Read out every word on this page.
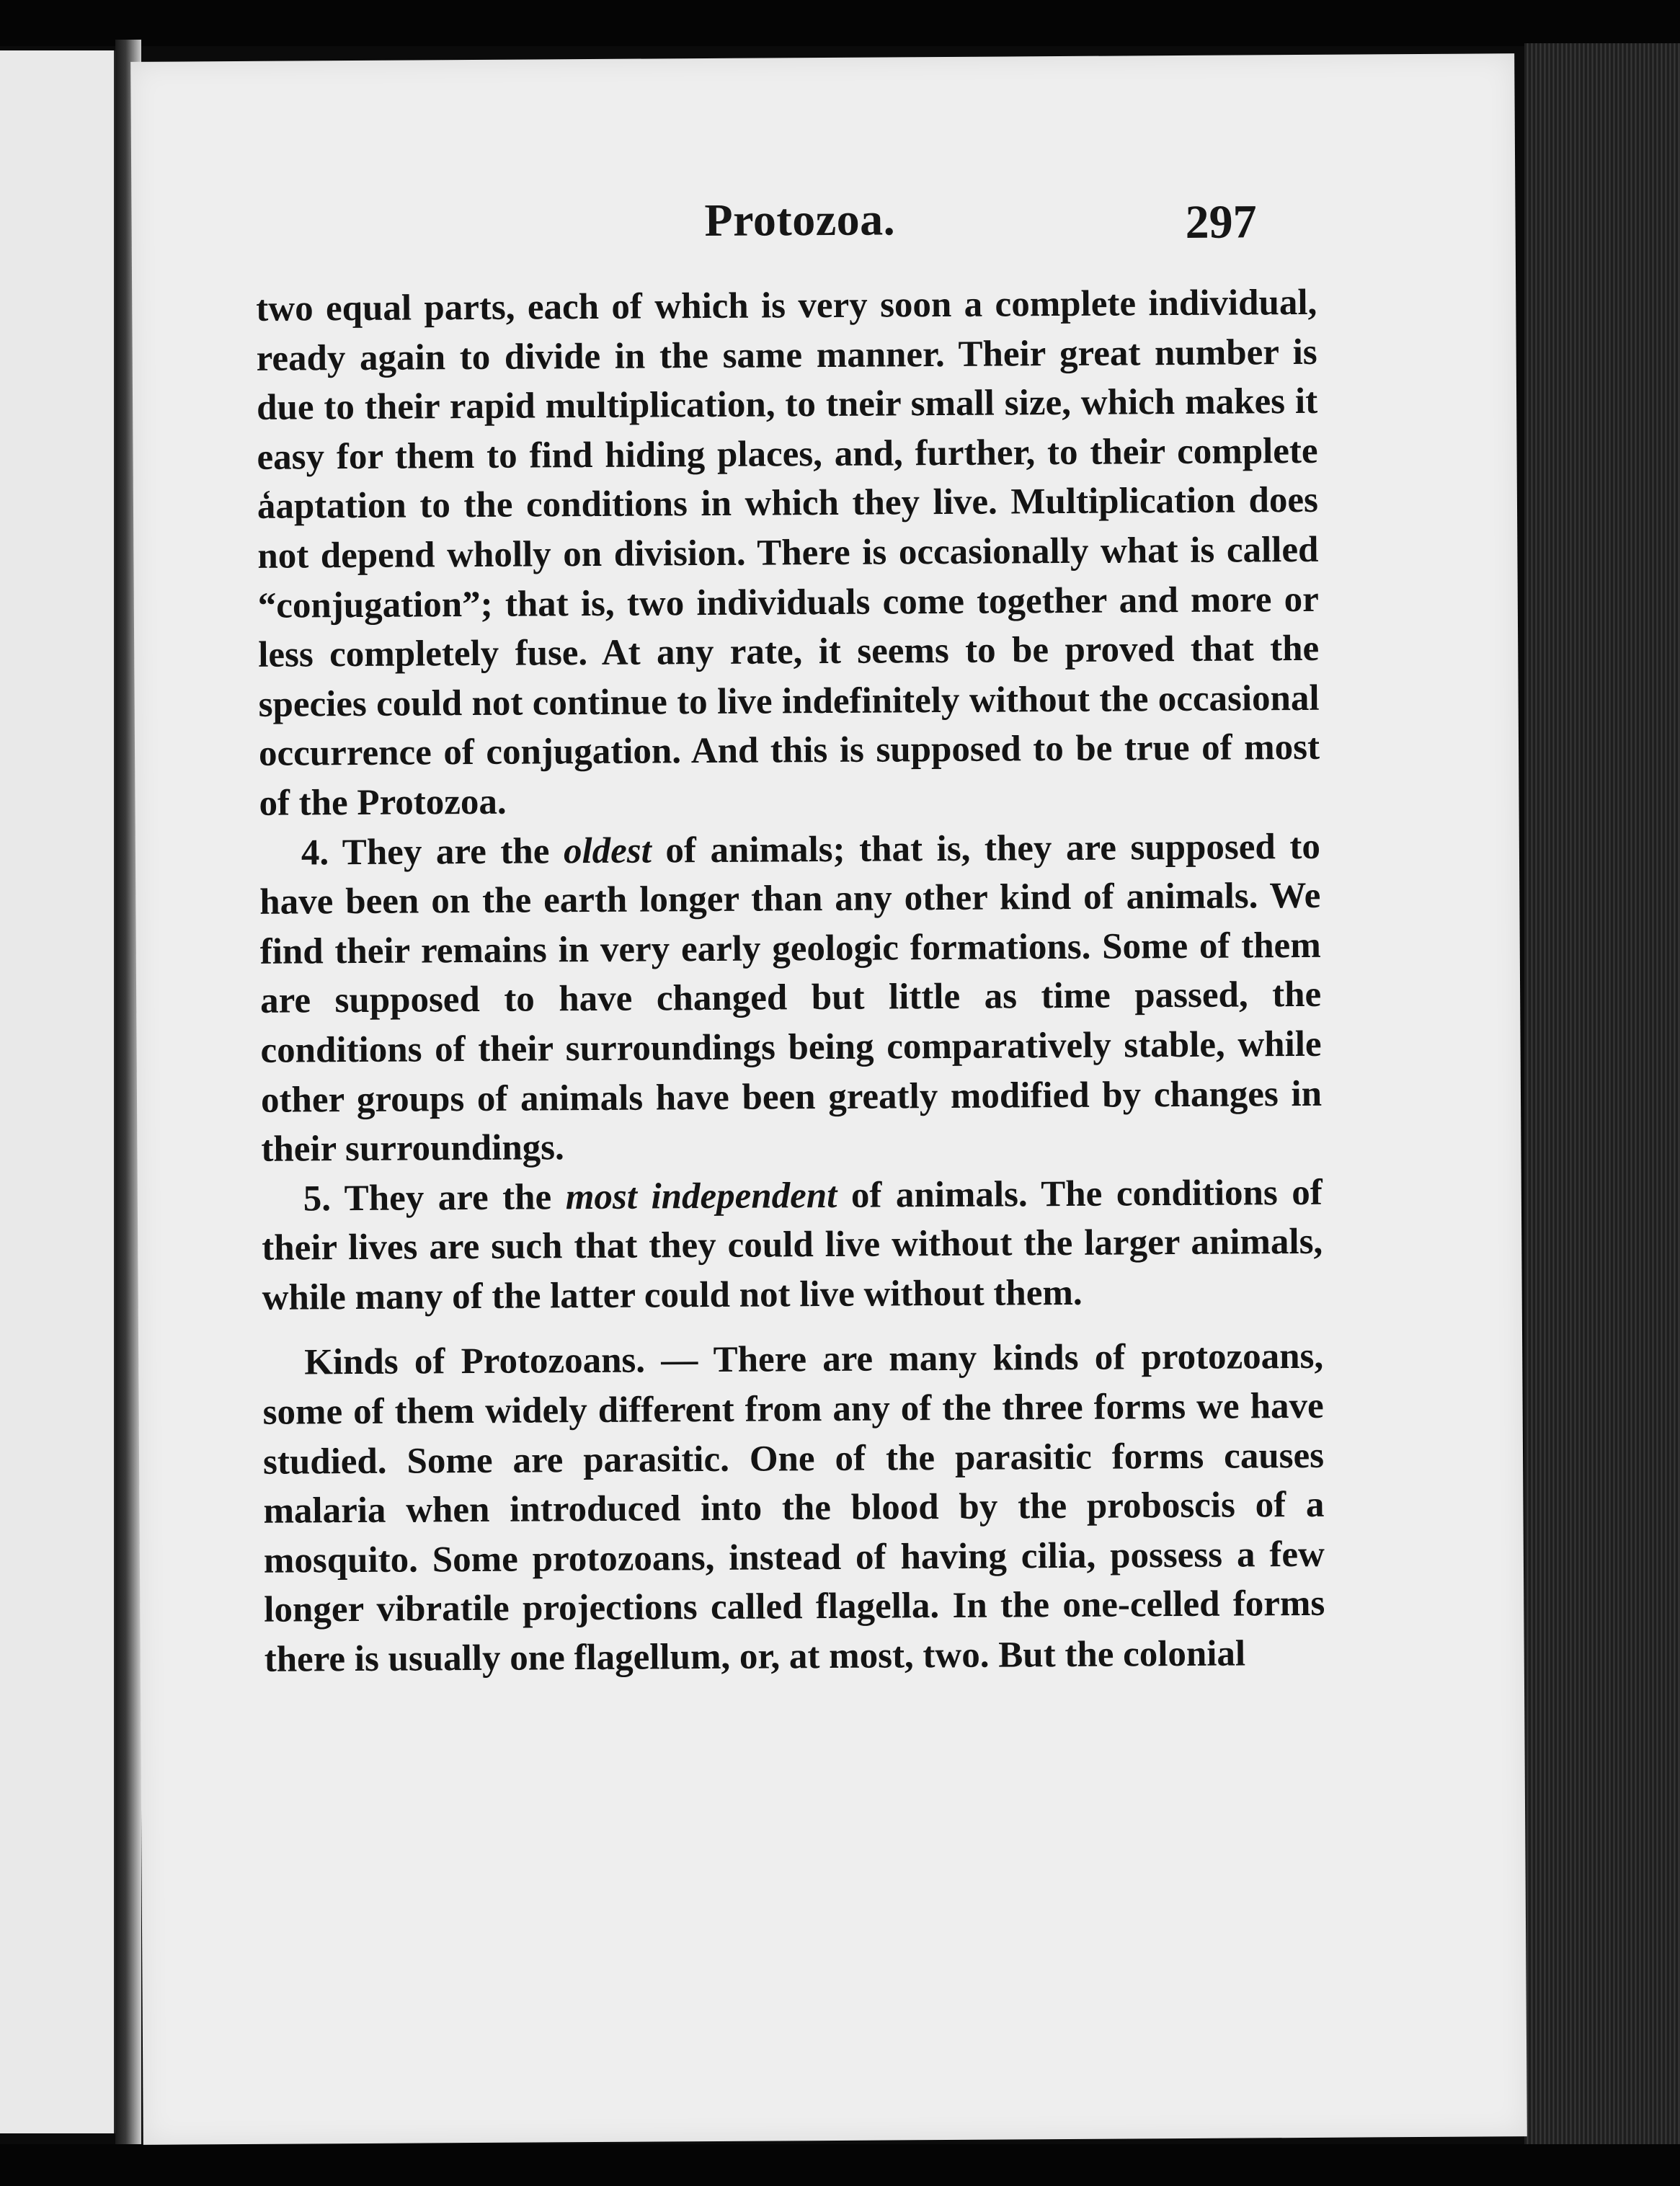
Protozoa.	297

two equal parts, each of which is very soon a complete individual, ready again to divide in the same manner. Their great number is due to their rapid multiplication, to tneir small size, which makes it easy for them to find hiding places, and, further, to their complete a̒aptation to the conditions in which they live. Multiplication does not depend wholly on division. There is occasionally what is called “conjugation”; that is, two individuals come together and more or less completely fuse. At any rate, it seems to be proved that the species could not continue to live indefinitely without the occasional occurrence of conjugation. And this is supposed to be true of most of the Protozoa.

4. They are the oldest of animals; that is, they are supposed to have been on the earth longer than any other kind of animals. We find their remains in very early geologic formations. Some of them are supposed to have changed but little as time passed, the conditions of their surroundings being comparatively stable, while other groups of animals have been greatly modified by changes in their surroundings.

5. They are the most independent of animals. The conditions of their lives are such that they could live without the larger animals, while many of the latter could not live without them.

Kinds of Protozoans. — There are many kinds of protozoans, some of them widely different from any of the three forms we have studied. Some are parasitic. One of the parasitic forms causes malaria when introduced into the blood by the proboscis of a mosquito. Some protozoans, instead of having cilia, possess a few longer vibratile projections called flagella. In the one-celled forms there is usually one flagellum, or, at most, two. But the colonial
